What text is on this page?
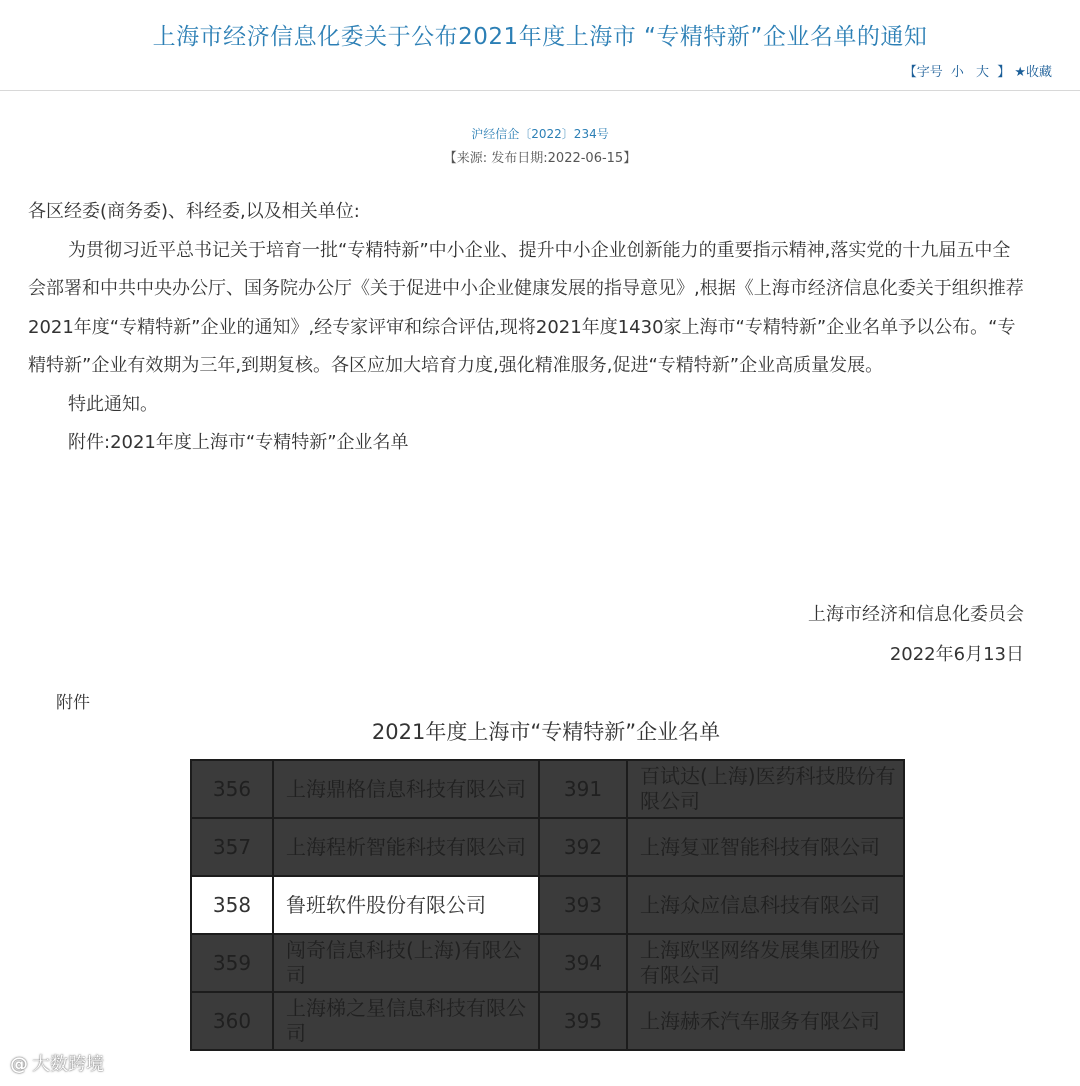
上海市经济信息化委关于公布2021年度上海市 “专精特新”企业名单的通知
【字号 小 大 】 ★收藏
沪经信企〔2022〕234号
【来源: 发布日期:2022-06-15】

各区经委(商务委)、科经委,以及相关单位:

为贯彻习近平总书记关于培育一批“专精特新”中小企业、提升中小企业创新能力的重要指示精神,落实党的十九届五中全会部署和中共中央办公厅、国务院办公厅《关于促进中小企业健康发展的指导意见》,根据《上海市经济信息化委关于组织推荐2021年度“专精特新”企业的通知》,经专家评审和综合评估,现将2021年度1430家上海市“专精特新”企业名单予以公布。“专精特新”企业有效期为三年,到期复核。各区应加大培育力度,强化精准服务,促进“专精特新”企业高质量发展。

特此通知。

附件:2021年度上海市“专精特新”企业名单

上海市经济和信息化委员会
2022年6月13日
附件
2021年度上海市“专精特新”企业名单
356	上海鼎格信息科技有限公司	391	百试达(上海)医药科技股份有限公司
357	上海程析智能科技有限公司	392	上海复亚智能科技有限公司
358	鲁班软件股份有限公司	393	上海众应信息科技有限公司
359	闯奇信息科技(上海)有限公司	394	上海欧坚网络发展集团股份有限公司
360	上海梯之星信息科技有限公司	395	上海赫禾汽车服务有限公司
@ 大数跨境
